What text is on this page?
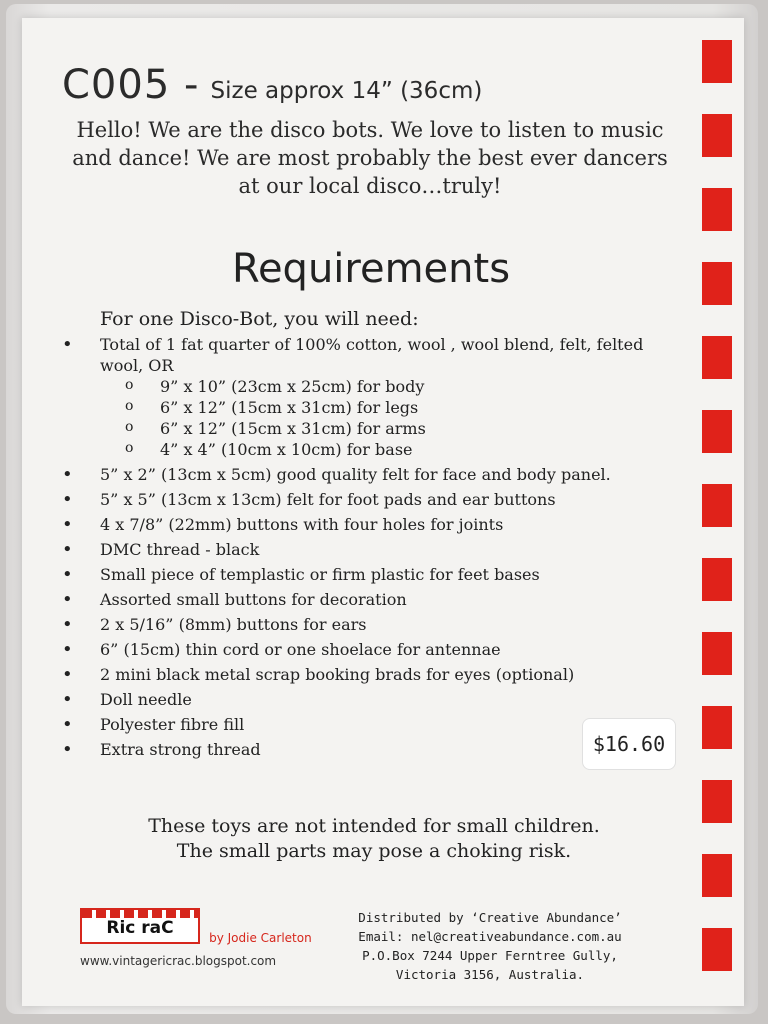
C005 - Size approx 14” (36cm)
Hello! We are the disco bots. We love to listen to music and dance! We are most probably the best ever dancers at our local disco…truly!
Requirements
For one Disco-Bot, you will need:
• Total of 1 fat quarter of 100% cotton, wool , wool blend, felt, felted wool, OR
o 9” x 10” (23cm x 25cm) for body
o 6” x 12” (15cm x 31cm) for legs
o 6” x 12” (15cm x 31cm) for arms
o 4” x 4” (10cm x 10cm) for base
• 5” x 2” (13cm x 5cm) good quality felt for face and body panel.
• 5” x 5” (13cm x 13cm) felt for foot pads and ear buttons
• 4 x 7/8” (22mm) buttons with four holes for joints
• DMC thread - black
• Small piece of templastic or firm plastic for feet bases
• Assorted small buttons for decoration
• 2 x 5/16” (8mm) buttons for ears
• 6” (15cm) thin cord or one shoelace for antennae
• 2 mini black metal scrap booking brads for eyes (optional)
• Doll needle
• Polyester fibre fill
• Extra strong thread	$16.60
These toys are not intended for small children.
The small parts may pose a choking risk.
Ric raC	by Jodie Carleton
www.vintagericrac.blogspot.com
Distributed by ‘Creative Abundance’
Email: nel@creativeabundance.com.au
P.O.Box 7244 Upper Ferntree Gully,
Victoria 3156, Australia.
